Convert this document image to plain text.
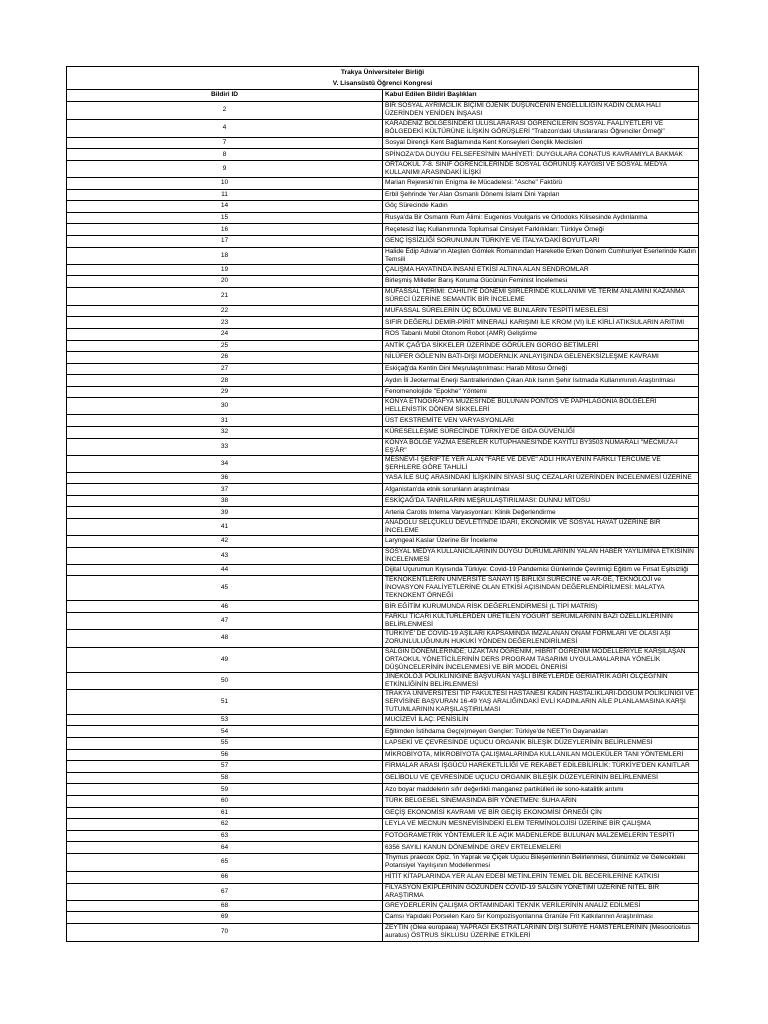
Trakya Üniversiteler Birliği	
V. Lisansüstü Öğrenci Kongresi	
Bildiri ID	Kabul Edilen Bildiri Başlıkları
2	BİR SOSYAL AYRIMCILIK BİÇİMİ OJENİK DÜŞÜNCENİN ENGELLİLİĞİN KADIN OLMA HALİ ÜZERİNDEN YENİDEN İNŞAASI
4	KARADENİZ BÖLGESİNDEKİ ULUSLARARASI ÖĞRENCİLERİN SOSYAL FAALİYETLERİ VE BÖLGEDEKİ KÜLTÜRÜNE İLİŞKİN GÖRÜŞLERİ "Trabzon'daki Uluslararası Öğrenciler Örneği"
7	Sosyal Dirençli Kent Bağlamında Kent Konseyleri Gençlik Meclisleri
8	SPİNOZA'DA DUYGU FELSEFESİ'NİN MAHİYETİ: DUYGULARA CONATUS KAVRAMIYLA BAKMAK
9	ORTAOKUL 7-8. SINIF ÖĞRENCİLERİNDE SOSYAL GÖRÜNÜŞ KAYGISI VE SOSYAL MEDYA KULLANIMI ARASINDAKİ İLİŞKİ
10	Marian Rejewski'nin Enigma ile Mücadelesi: "Asche" Faktörü
11	Erbil Şehrinde Yer Alan Osmanlı Dönemi İslami Dini Yapıları
14	Göç Sürecinde Kadın
15	Rusya'da Bir Osmanlı Rum Âlimi: Eugenios Voulgaris ve Ortodoks Kilisesinde Aydınlanma
16	Reçetesiz İlaç Kullanımında Toplumsal Cinsiyet Farklılıkları: Türkiye Örneği
17	GENÇ İŞSİZLİĞİ SORUNUNUN TÜRKİYE VE İTALYA'DAKİ BOYUTLARI
18	Halide Edip Adıvar'ın Ateşten Gömlek Romanından Hareketle Erken Dönem Cumhuriyet Eserlerinde Kadın Temsili
19	ÇALIŞMA HAYATINDA İNSANİ ETKİSİ ALTINA ALAN SENDROMLAR
20	Birleşmiş Milletler Barış Koruma Gücünün Feminist İncelemesi
21	MUFASSAL TERİMİ: CAHİLİYE DÖNEMİ ŞİİRLERİNDE KULLANIMI VE TERİM ANLAMINI KAZANMA SÜRECİ ÜZERİNE SEMANTİK BİR İNCELEME
22	MUFASSAL SÛRELERİN ÜÇ BÖLÜMÜ VE BUNLARIN TESPİTİ MESELESİ
23	SIFIR DEĞERLİ DEMİR-PİRİT MİNERALİ KARIŞIMI İLE KROM (VI) İLE KİRLİ ATIKSULARIN ARITIMI
24	ROS Tabanlı Mobil Otonom Robot (AMR) Geliştirme
25	ANTİK ÇAĞ'DA SİKKELER ÜZERİNDE GÖRÜLEN GORGO BETİMLERİ
26	NİLÜFER GÖLE'NİN BATI-DIŞI MODERNLİK ANLAYIŞINDA GELENEKSİZLEŞME KAVRAMI
27	Eskiçağ'da Kentin Dini Meşrulaştırılması: Harab Mitosu Örneği
28	Aydın İli Jeotermal Enerji Santrallerinden Çıkan Atık Isının Şehir Isıtmada Kullanımının Araştırılması
29	Fenomenolojide "Epokhe" Yöntemi
30	KONYA ETNOGRAFYA MÜZESİ'NDE BULUNAN PONTOS VE PAPHLAGONIA BÖLGELERİ HELLENİSTİK DÖNEM SİKKELERİ
31	ÜST EKSTREMİTE VEN VARYASYONLARI
32	KÜRESELLEŞME SÜRECİNDE TÜRKİYE'DE GIDA GÜVENLİĞİ
33	KONYA BÖLGE YAZMA ESERLER KÜTÜPHANESİ'NDE KAYITLI BY3503 NUMARALI "MECMÛ'A-İ EŞ'ÂR"
34	MESNEVÎ-İ ŞERÎF'TE YER ALAN "FARE VE DEVE" ADLI HİKÂYENİN FARKLI TERCÜME VE ŞERHLERE GÖRE TAHLİLİ
36	YASA İLE SUÇ ARASINDAKİ İLİŞKİNİN SİYASİ SUÇ CEZALARI ÜZERİNDEN İNCELENMESİ ÜZERİNE
37	Afganistan'da etnik sorunların araştırılması
38	ESKİÇAĞ'DA TANRILARIN MEŞRULAŞTIRILMASI: DUNNU MİTOSU
39	Arteria Carotis Interna Varyasyonları: Klinik Değerlendirme
41	ANADOLU SELÇUKLU DEVLETİ'NDE İDÂRÎ, EKONOMİK VE SOSYAL HAYAT ÜZERİNE BİR İNCELEME
42	Laryngeal Kaslar Üzerine Bir İnceleme
43	SOSYAL MEDYA KULLANICILARININ DUYGU DURUMLARININ YALAN HABER YAYILIMINA ETKİSİNİN İNCELENMESİ
44	Dijital Uçurumun Kıyısında Türkiye: Covid-19 Pandemisi Günlerinde Çevrimiçi Eğitim ve Fırsat Eşitsizliği
45	TEKNOKENTLERİN ÜNİVERSİTE SANAYİ İŞ BİRLİĞİ SÜRECİNE ve AR-GE, TEKNOLOJİ ve İNOVASYON FAALİYETLERİNE OLAN ETKİSİ AÇISINDAN DEĞERLENDİRİLMESİ: MALATYA TEKNOKENT ÖRNEĞİ
46	BİR EĞİTİM KURUMUNDA RİSK DEĞERLENDİRMESİ (L TİPİ MATRİS)
47	FARKLI TİCARİ KÜLTÜRLERDEN ÜRETİLEN YOĞURT SERUMLARININ BAZI ÖZELLİKLERİNİN BELİRLENMESİ
48	TÜRKİYE' DE COVID-19 AŞILARI KAPSAMINDA İMZALANAN ONAM FORMLARI VE OLASI AŞI ZORUNLULUĞUNUN HUKUKİ YÖNDEN DEĞERLENDİRİLMESİ
49	SALGIN DÖNEMLERİNDE; UZAKTAN ÖĞRENİM, HİBRİT ÖĞRENİM MODELLERİYLE KARŞILAŞAN ORTAOKUL YÖNETİCİLERİNİN DERS PROGRAM TASARIMI UYGULAMALARINA YÖNELİK DÜŞÜNCELERİNİN İNCELENMESİ VE BİR MODEL ÖNERİSİ
50	JİNEKOLOJİ POLİKLİNİĞİNE BAŞVURAN YAŞLI BİREYLERDE GERİATRİK AĞRI ÖLÇEĞİ'NİN ETKİNLİĞİNİN BELİRLENMESİ
51	TRAKYA ÜNİVERSİTESİ TIP FAKÜLTESİ HASTANESİ KADIN HASTALIKLARI-DOĞUM POLİKLİNİĞİ VE SERVİSİNE BAŞVURAN 16-49 YAŞ ARALIĞINDAKİ EVLİ KADINLARIN AİLE PLANLAMASINA KARŞI TUTUMLARININ KARŞILAŞTIRILMASI
53	MUCİZEVİ İLAÇ: PENİSİLİN
54	Eğitimden İstihdama Geç(e)meyen Gençler: Türkiye'de NEET'in Dayanakları
55	LAPSEKİ VE ÇEVRESİNDE UÇUCU ORGANİK BİLEŞİK DÜZEYLERİNİN BELİRLENMESİ
56	MİKROBİYOTA, MİKROBİYOTA ÇALIŞMALARINDA KULLANILAN MOLEKÜLER TANI YÖNTEMLERİ
57	FİRMALAR ARASI İŞGÜCÜ HAREKETLİLİĞİ VE REKABET EDİLEBİLİRLİK: TÜRKİYE'DEN KANITLAR
58	GELİBOLU VE ÇEVRESİNDE UÇUCU ORGANİK BİLEŞİK DÜZEYLERİNİN BELİRLENMESİ
59	Azo boyar maddelerin sıfır değerlikli manganez partikülleri ile sono-katalitik arıtımı
60	TÜRK BELGESEL SİNEMASINDA BİR YÖNETMEN: SUHA ARIN
61	GEÇİŞ EKONOMİSİ KAVRAMI VE BİR GEÇİŞ EKONOMİSİ ÖRNEĞİ ÇİN
62	LEYLA VE MECNUN MESNEVİSİNDEKİ ELEM TERMİNOLOJİSİ ÜZERİNE BİR ÇALIŞMA
63	FOTOGRAMETRİK YÖNTEMLER İLE AÇIK MADENLERDE BULUNAN MALZEMELERİN TESPİTİ
64	6356 SAYILI KANUN DÖNEMİNDE GREV ERTELEMELERİ
65	Thymus praecox Opiz. 'in Yaprak ve Çiçek Uçucu Bileşenlerinin Belirlenmesi, Günümüz ve Gelecekteki Potansiyel Yayılışının Modellenmesi
66	HİTİT KİTAPLARINDA YER ALAN EDEBİ METİNLERİN TEMEL DİL BECERİLERİNE KATKISI
67	FİLYASYON EKİPLERİNİN GÖZÜNDEN COVİD-19 SALGIN YÖNETİMİ ÜZERİNE NİTEL BİR ARAŞTIRMA
68	GREYDERLERİN ÇALIŞMA ORTAMINDAKİ TEKNİK VERİLERİNİN ANALİZ EDİLMESİ
69	Camsı Yapıdaki Porselen Karo Sır Kompozisyonlarına Granüle Frit Katkılarının Araştırılması
70	ZEYTİN (Olea europaea) YAPRAĞI EKSTRATLARININ DİŞİ SURİYE HAMSTERLERİNİN (Mesocricetus auratus) ÖSTRUS SİKLUSU ÜZERİNE ETKİLERİ
